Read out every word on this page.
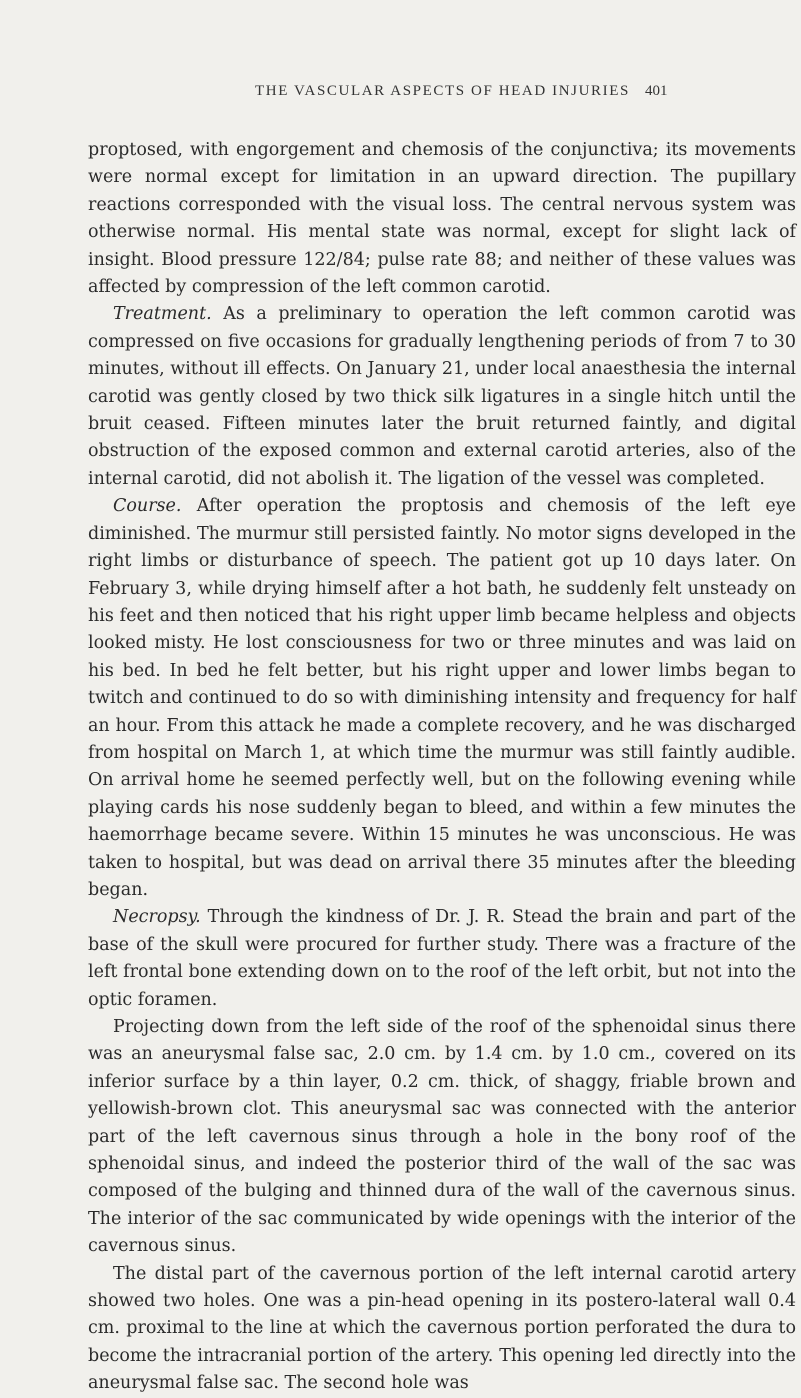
THE VASCULAR ASPECTS OF HEAD INJURIES 401

proptosed, with engorgement and chemosis of the conjunctiva; its movements were normal except for limitation in an upward direction. The pupillary reactions corresponded with the visual loss. The central nervous system was otherwise normal. His mental state was normal, except for slight lack of insight. Blood pressure 122/84; pulse rate 88; and neither of these values was affected by compression of the left common carotid.

Treatment. As a preliminary to operation the left common carotid was compressed on five occasions for gradually lengthening periods of from 7 to 30 minutes, without ill effects. On January 21, under local anaesthesia the internal carotid was gently closed by two thick silk ligatures in a single hitch until the bruit ceased. Fifteen minutes later the bruit returned faintly, and digital obstruction of the exposed common and external carotid arteries, also of the internal carotid, did not abolish it. The ligation of the vessel was completed.

Course. After operation the proptosis and chemosis of the left eye diminished. The murmur still persisted faintly. No motor signs developed in the right limbs or disturbance of speech. The patient got up 10 days later. On February 3, while drying himself after a hot bath, he suddenly felt unsteady on his feet and then noticed that his right upper limb became helpless and objects looked misty. He lost consciousness for two or three minutes and was laid on his bed. In bed he felt better, but his right upper and lower limbs began to twitch and continued to do so with diminishing intensity and frequency for half an hour. From this attack he made a complete recovery, and he was discharged from hospital on March 1, at which time the murmur was still faintly audible. On arrival home he seemed perfectly well, but on the following evening while playing cards his nose suddenly began to bleed, and within a few minutes the haemorrhage became severe. Within 15 minutes he was unconscious. He was taken to hospital, but was dead on arrival there 35 minutes after the bleeding began.

Necropsy. Through the kindness of Dr. J. R. Stead the brain and part of the base of the skull were procured for further study. There was a fracture of the left frontal bone extending down on to the roof of the left orbit, but not into the optic foramen.

Projecting down from the left side of the roof of the sphenoidal sinus there was an aneurysmal false sac, 2.0 cm. by 1.4 cm. by 1.0 cm., covered on its inferior surface by a thin layer, 0.2 cm. thick, of shaggy, friable brown and yellowish-brown clot. This aneurysmal sac was connected with the anterior part of the left cavernous sinus through a hole in the bony roof of the sphenoidal sinus, and indeed the posterior third of the wall of the sac was composed of the bulging and thinned dura of the wall of the cavernous sinus. The interior of the sac communicated by wide openings with the interior of the cavernous sinus.

The distal part of the cavernous portion of the left internal carotid artery showed two holes. One was a pin-head opening in its postero-lateral wall 0.4 cm. proximal to the line at which the cavernous portion perforated the dura to become the intracranial portion of the artery. This opening led directly into the aneurysmal false sac. The second hole was
